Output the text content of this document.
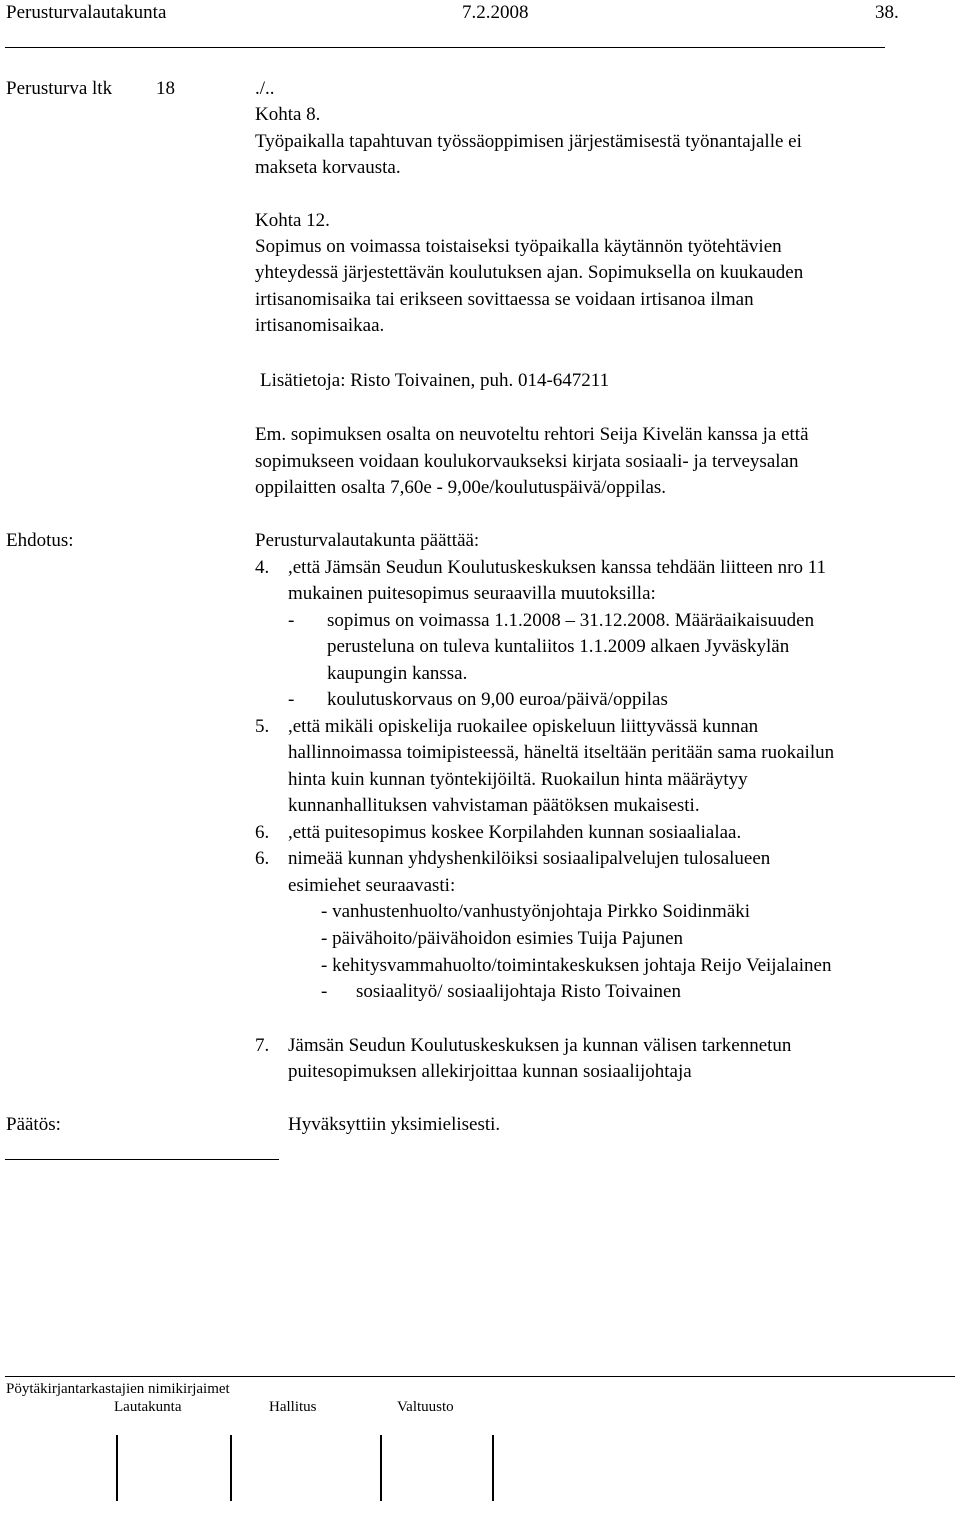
Perusturvalautakunta	7.2.2008	38.
Perusturva ltk 18	./..
Kohta 8.
Työpaikalla tapahtuvan työssäoppimisen järjestämisestä työnantajalle ei
makseta korvausta.
Kohta 12.
Sopimus on voimassa toistaiseksi työpaikalla käytännön työtehtävien
yhteydessä järjestettävän koulutuksen ajan. Sopimuksella on kuukauden
irtisanomisaika tai erikseen sovittaessa se voidaan irtisanoa ilman
irtisanomisaikaa.
Lisätietoja: Risto Toivainen, puh. 014-647211
Em. sopimuksen osalta on neuvoteltu rehtori Seija Kivelän kanssa ja että
sopimukseen voidaan koulukorvaukseksi kirjata sosiaali- ja terveysalan
oppilaitten osalta 7,60e - 9,00e/koulutuspäivä/oppilas.
Ehdotus:	Perusturvalautakunta päättää:
4. ,että Jämsän Seudun Koulutuskeskuksen kanssa tehdään liitteen nro 11
mukainen puitesopimus seuraavilla muutoksilla:
- sopimus on voimassa 1.1.2008 – 31.12.2008. Määräaikaisuuden
perusteluna on tuleva kuntaliitos 1.1.2009 alkaen Jyväskylän
kaupungin kanssa.
- koulutuskorvaus on 9,00 euroa/päivä/oppilas
5. ,että mikäli opiskelija ruokailee opiskeluun liittyvässä kunnan
hallinnoimassa toimipisteessä, häneltä itseltään peritään sama ruokailun
hinta kuin kunnan työntekijöiltä. Ruokailun hinta määräytyy
kunnanhallituksen vahvistaman päätöksen mukaisesti.
6. ,että puitesopimus koskee Korpilahden kunnan sosiaalialaa.
6. nimeää kunnan yhdyshenkilöiksi sosiaalipalvelujen tulosalueen
esimiehet seuraavasti:
- vanhustenhuolto/vanhustyönjohtaja Pirkko Soidinmäki
- päivähoito/päivähoidon esimies Tuija Pajunen
- kehitysvammahuolto/toimintakeskuksen johtaja Reijo Veijalainen
- sosiaalityö/ sosiaalijohtaja Risto Toivainen
7. Jämsän Seudun Koulutuskeskuksen ja kunnan välisen tarkennetun
puitesopimuksen allekirjoittaa kunnan sosiaalijohtaja
Päätös:	Hyväksyttiin yksimielisesti.
Pöytäkirjantarkastajien nimikirjaimet
Lautakunta	Hallitus	Valtuusto
